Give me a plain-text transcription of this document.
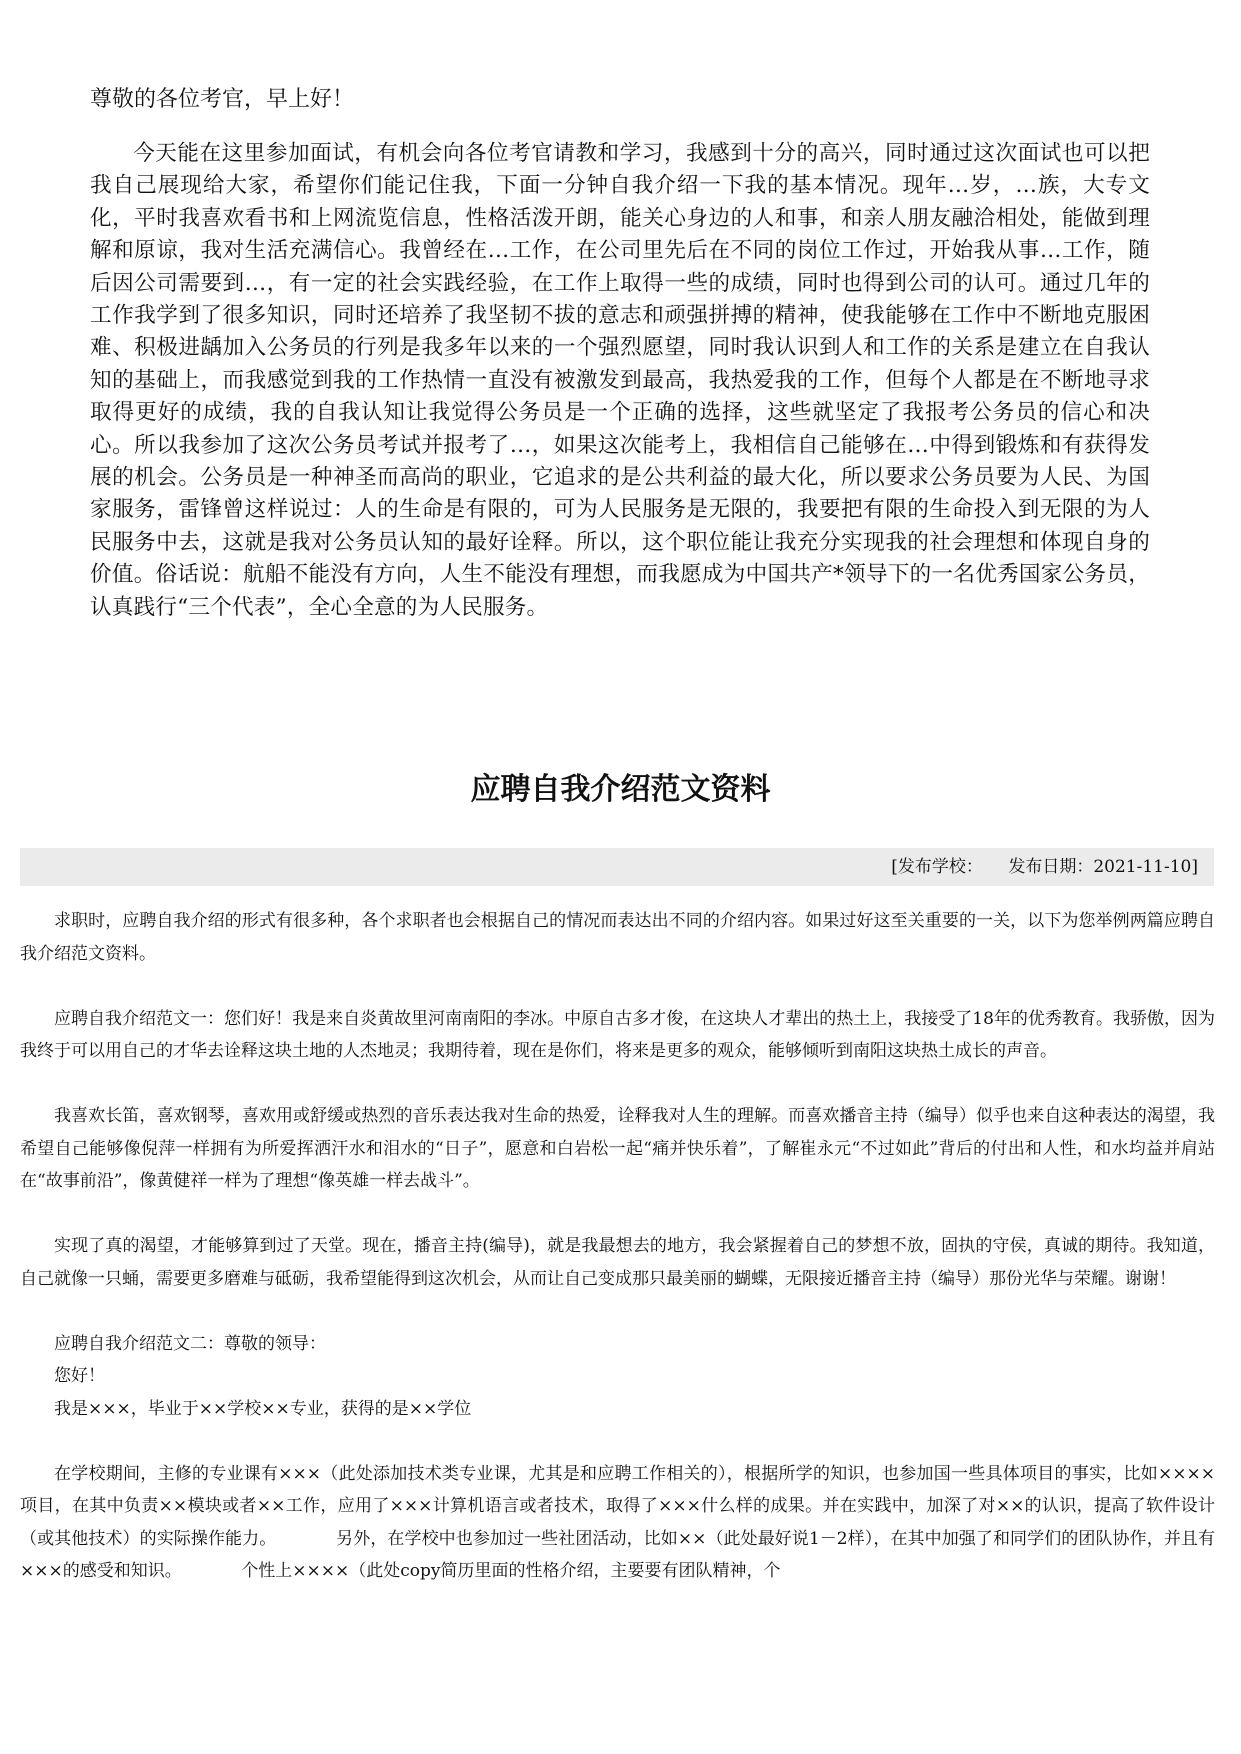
尊敬的各位考官，早上好！

今天能在这里参加面试，有机会向各位考官请教和学习，我感到十分的高兴，同时通过这次面试也可以把我自己展现给大家，希望你们能记住我，下面一分钟自我介绍一下我的基本情况。现年…岁，…族，大专文化，平时我喜欢看书和上网流览信息，性格活泼开朗，能关心身边的人和事，和亲人朋友融洽相处，能做到理解和原谅，我对生活充满信心。我曾经在…工作，在公司里先后在不同的岗位工作过，开始我从事…工作，随后因公司需要到…，有一定的社会实践经验，在工作上取得一些的成绩，同时也得到公司的认可。通过几年的工作我学到了很多知识，同时还培养了我坚韧不拔的意志和顽强拼搏的精神，使我能够在工作中不断地克服困难、积极进龋加入公务员的行列是我多年以来的一个强烈愿望，同时我认识到人和工作的关系是建立在自我认知的基础上，而我感觉到我的工作热情一直没有被激发到最高，我热爱我的工作，但每个人都是在不断地寻求取得更好的成绩，我的自我认知让我觉得公务员是一个正确的选择，这些就坚定了我报考公务员的信心和决心。所以我参加了这次公务员考试并报考了…，如果这次能考上，我相信自己能够在…中得到锻炼和有获得发展的机会。公务员是一种神圣而高尚的职业，它追求的是公共利益的最大化，所以要求公务员要为人民、为国家服务，雷锋曾这样说过：人的生命是有限的，可为人民服务是无限的，我要把有限的生命投入到无限的为人民服务中去，这就是我对公务员认知的最好诠释。所以，这个职位能让我充分实现我的社会理想和体现自身的价值。俗话说：航船不能没有方向，人生不能没有理想，而我愿成为中国共产*领导下的一名优秀国家公务员，认真践行“三个代表”，全心全意的为人民服务。

应聘自我介绍范文资料
[发布学校：　　发布日期：2021-11-10]

求职时，应聘自我介绍的形式有很多种，各个求职者也会根据自己的情况而表达出不同的介绍内容。如果过好这至关重要的一关，以下为您举例两篇应聘自我介绍范文资料。

应聘自我介绍范文一：您们好！我是来自炎黄故里河南南阳的李冰。中原自古多才俊，在这块人才辈出的热土上，我接受了18年的优秀教育。我骄傲，因为我终于可以用自己的才华去诠释这块土地的人杰地灵；我期待着，现在是你们，将来是更多的观众，能够倾听到南阳这块热土成长的声音。

我喜欢长笛，喜欢钢琴，喜欢用或舒缓或热烈的音乐表达我对生命的热爱，诠释我对人生的理解。而喜欢播音主持（编导）似乎也来自这种表达的渴望，我希望自己能够像倪萍一样拥有为所爱挥洒汗水和泪水的“日子”，愿意和白岩松一起“痛并快乐着”，了解崔永元“不过如此”背后的付出和人性，和水均益并肩站在“故事前沿”，像黄健祥一样为了理想“像英雄一样去战斗”。

实现了真的渴望，才能够算到过了天堂。现在，播音主持(编导)，就是我最想去的地方，我会紧握着自己的梦想不放，固执的守侯，真诚的期待。我知道，自己就像一只蛹，需要更多磨难与砥砺，我希望能得到这次机会，从而让自己变成那只最美丽的蝴蝶，无限接近播音主持（编导）那份光华与荣耀。谢谢！

应聘自我介绍范文二：尊敬的领导：

您好！

我是×××，毕业于××学校××专业，获得的是××学位

在学校期间，主修的专业课有×××（此处添加技术类专业课，尤其是和应聘工作相关的），根据所学的知识，也参加国一些具体项目的事实，比如××××项目，在其中负责××模块或者××工作，应用了×××计算机语言或者技术，取得了×××什么样的成果。并在实践中，加深了对××的认识，提高了软件设计（或其他技术）的实际操作能力。　　　　另外，在学校中也参加过一些社团活动，比如××（此处最好说1－2样），在其中加强了和同学们的团队协作，并且有×××的感受和知识。　　　　个性上××××（此处copy简历里面的性格介绍，主要要有团队精神，个
